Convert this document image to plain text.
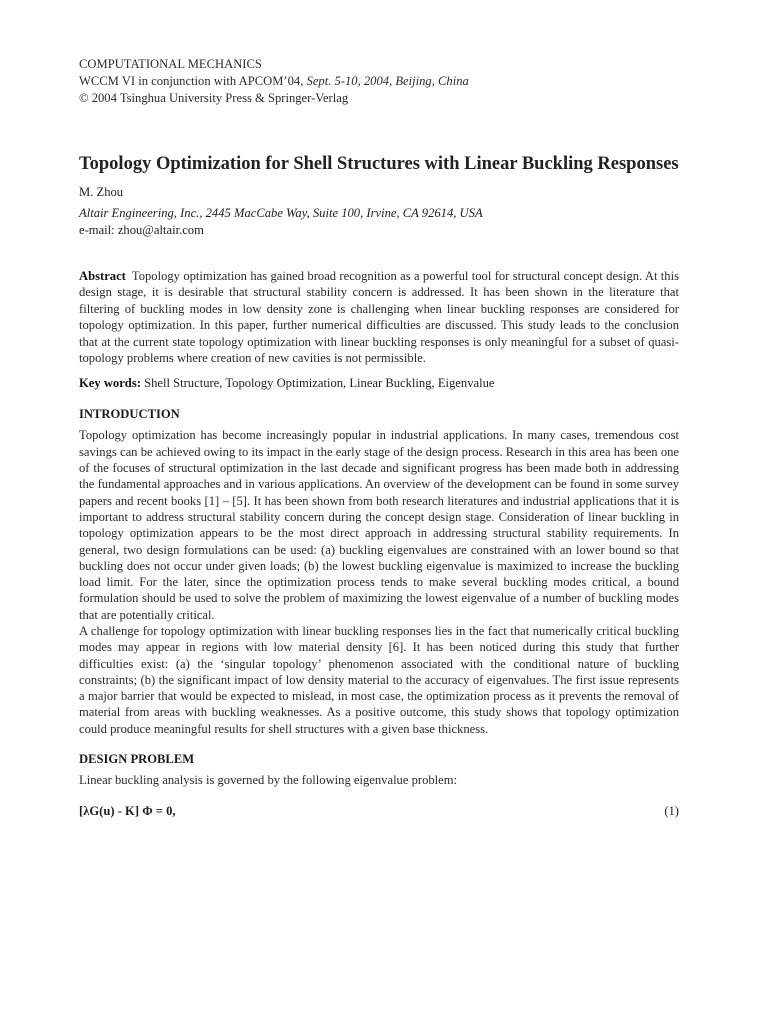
COMPUTATIONAL MECHANICS
WCCM VI in conjunction with APCOM’04, Sept. 5-10, 2004, Beijing, China
© 2004 Tsinghua University Press & Springer-Verlag
Topology Optimization for Shell Structures with Linear Buckling Responses
M. Zhou
Altair Engineering, Inc., 2445 MacCabe Way, Suite 100, Irvine, CA 92614, USA
e-mail: zhou@altair.com
Abstract Topology optimization has gained broad recognition as a powerful tool for structural concept design. At this design stage, it is desirable that structural stability concern is addressed. It has been shown in the literature that filtering of buckling modes in low density zone is challenging when linear buckling responses are considered for topology optimization. In this paper, further numerical difficulties are discussed. This study leads to the conclusion that at the current state topology optimization with linear buckling responses is only meaningful for a subset of quasi-topology problems where creation of new cavities is not permissible.
Key words: Shell Structure, Topology Optimization, Linear Buckling, Eigenvalue
INTRODUCTION
Topology optimization has become increasingly popular in industrial applications. In many cases, tremendous cost savings can be achieved owing to its impact in the early stage of the design process. Research in this area has been one of the focuses of structural optimization in the last decade and significant progress has been made both in addressing the fundamental approaches and in various applications. An overview of the development can be found in some survey papers and recent books [1] – [5]. It has been shown from both research literatures and industrial applications that it is important to address structural stability concern during the concept design stage. Consideration of linear buckling in topology optimization appears to be the most direct approach in addressing structural stability requirements. In general, two design formulations can be used: (a) buckling eigenvalues are constrained with an lower bound so that buckling does not occur under given loads; (b) the lowest buckling eigenvalue is maximized to increase the buckling load limit. For the later, since the optimization process tends to make several buckling modes critical, a bound formulation should be used to solve the problem of maximizing the lowest eigenvalue of a number of buckling modes that are potentially critical.
A challenge for topology optimization with linear buckling responses lies in the fact that numerically critical buckling modes may appear in regions with low material density [6]. It has been noticed during this study that further difficulties exist: (a) the ‘singular topology’ phenomenon associated with the conditional nature of buckling constraints; (b) the significant impact of low density material to the accuracy of eigenvalues. The first issue represents a major barrier that would be expected to mislead, in most case, the optimization process as it prevents the removal of material from areas with buckling weaknesses. As a positive outcome, this study shows that topology optimization could produce meaningful results for shell structures with a given base thickness.
DESIGN PROBLEM
Linear buckling analysis is governed by the following eigenvalue problem:
[λG(u) - K] Φ = 0,	(1)
